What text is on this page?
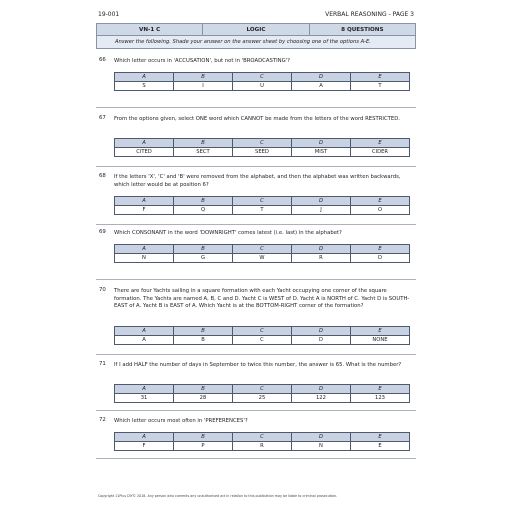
19-001	VERBAL REASONING - PAGE 3
VN-1 C	LOGIC	8 QUESTIONS
Answer the following. Shade your answer on the answer sheet by choosing one of the options A-E.
66 Which letter occurs in 'ACCUSATION', but not in 'BROADCASTING'?
A	B	C	D	E
S	I	U	A	T
67 From the options given, select ONE word which CANNOT be made from the letters of the word RESTRICTED.
A	B	C	D	E
CITED	SECT	SEED	MIST	CIDER
68 If the letters 'X', 'C' and 'B' were removed from the alphabet, and then the alphabet was written backwards, which letter would be at position 6?
A	B	C	D	E
F	Q	T	J	O
69 Which CONSONANT in the word 'DOWNRIGHT' comes latest (i.e. last) in the alphabet?
A	B	C	D	E
N	G	W	R	D
70 There are four Yachts sailing in a square formation with each Yacht occupying one corner of the square formation. The Yachts are named A, B, C and D. Yacht C is WEST of D. Yacht A is NORTH of C. Yacht D is SOUTH-EAST of A. Yacht B is EAST of A. Which Yacht is at the BOTTOM-RIGHT corner of the formation?
A	B	C	D	E
A	B	C	D	NONE
71 If I add HALF the number of days in September to twice this number, the answer is 65. What is the number?
A	B	C	D	E
31	28	25	122	123
72 Which letter occurs most often in 'PREFERENCES'?
A	B	C	D	E
F	P	R	N	E
Copyright 11Plus DIY© 2018. Any person who commits any unauthorised act in relation to this publication may be liable to criminal prosecution.
